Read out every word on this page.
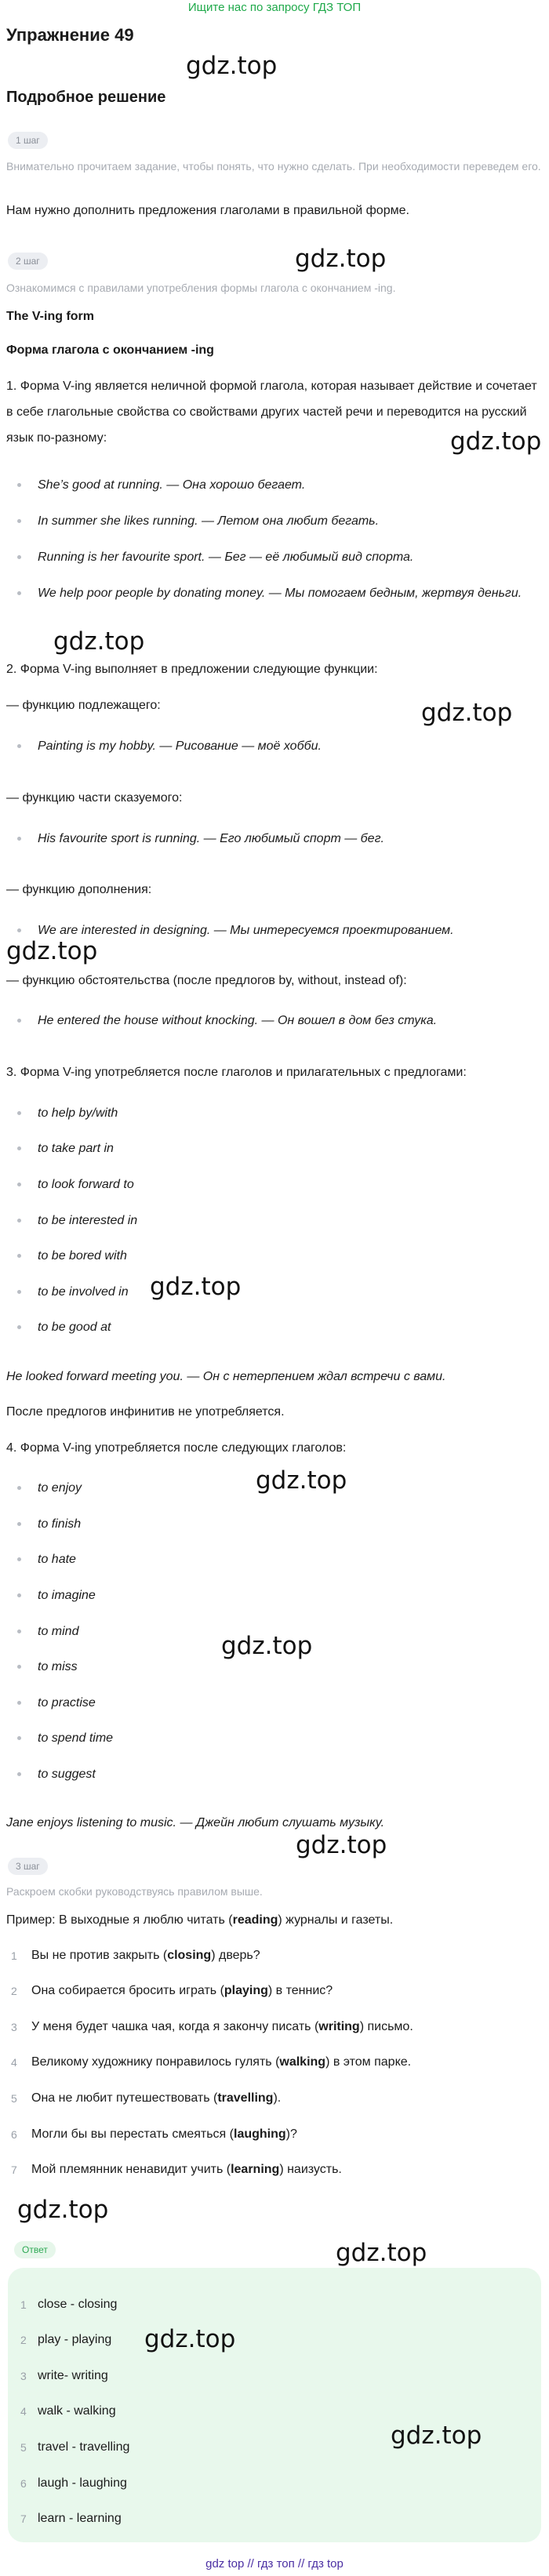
Ищите нас по запросу ГДЗ ТОП
Упражнение 49
Подробное решение
1 шаг
Внимательно прочитаем задание, чтобы понять, что нужно сделать. При необходимости переведем его.
Нам нужно дополнить предложения глаголами в правильной форме.
2 шаг
Ознакомимся с правилами употребления формы глагола с окончанием -ing.
The V-ing form
Форма глагола с окончанием -ing
1. Форма V-ing является неличной формой глагола, которая называет действие и сочетает в себе глагольные свойства со свойствами других частей речи и переводится на русский язык по-разному:
She’s good at running. — Она хорошо бегает.
In summer she likes running. — Летом она любит бегать.
Running is her favourite sport. — Бег — её любимый вид спорта.
We help poor people by donating money. — Мы помогаем бедным, жертвуя деньги.
2. Форма V-ing выполняет в предложении следующие функции:
— функцию подлежащего:
Painting is my hobby. — Рисование — моё хобби.
— функцию части сказуемого:
His favourite sport is running. — Его любимый спорт — бег.
— функцию дополнения:
We are interested in designing. — Мы интересуемся проектированием.
— функцию обстоятельства (после предлогов by, without, instead of):
He entered the house without knocking. — Он вошел в дом без стука.
3. Форма V-ing употребляется после глаголов и прилагательных с предлогами:
to help by/with
to take part in
to look forward to
to be interested in
to be bored with
to be involved in
to be good at
He looked forward meeting you. — Он с нетерпением ждал встречи с вами.
После предлогов инфинитив не употребляется.
4. Форма V-ing употребляется после следующих глаголов:
to enjoy
to finish
to hate
to imagine
to mind
to miss
to practise
to spend time
to suggest
Jane enjoys listening to music. — Джейн любит слушать музыку.
3 шаг
Раскроем скобки руководствуясь правилом выше.
Пример: В выходные я люблю читать (reading) журналы и газеты.
1 Вы не против закрыть (closing) дверь?
2 Она собирается бросить играть (playing) в теннис?
3 У меня будет чашка чая, когда я закончу писать (writing) письмо.
4 Великому художнику понравилось гулять (walking) в этом парке.
5 Она не любит путешествовать (travelling).
6 Могли бы вы перестать смеяться (laughing)?
7 Мой племянник ненавидит учить (learning) наизусть.
Ответ
1 close - closing
2 play - playing
3 write- writing
4 walk - walking
5 travel - travelling
6 laugh - laughing
7 learn - learning
gdz.top
gdz.top
gdz.top
gdz.top
gdz.top
gdz.top
gdz.top
gdz.top
gdz.top
gdz.top
gdz.top
gdz.top
gdz.top
gdz.top
gdz top // гдз топ // гдз top
